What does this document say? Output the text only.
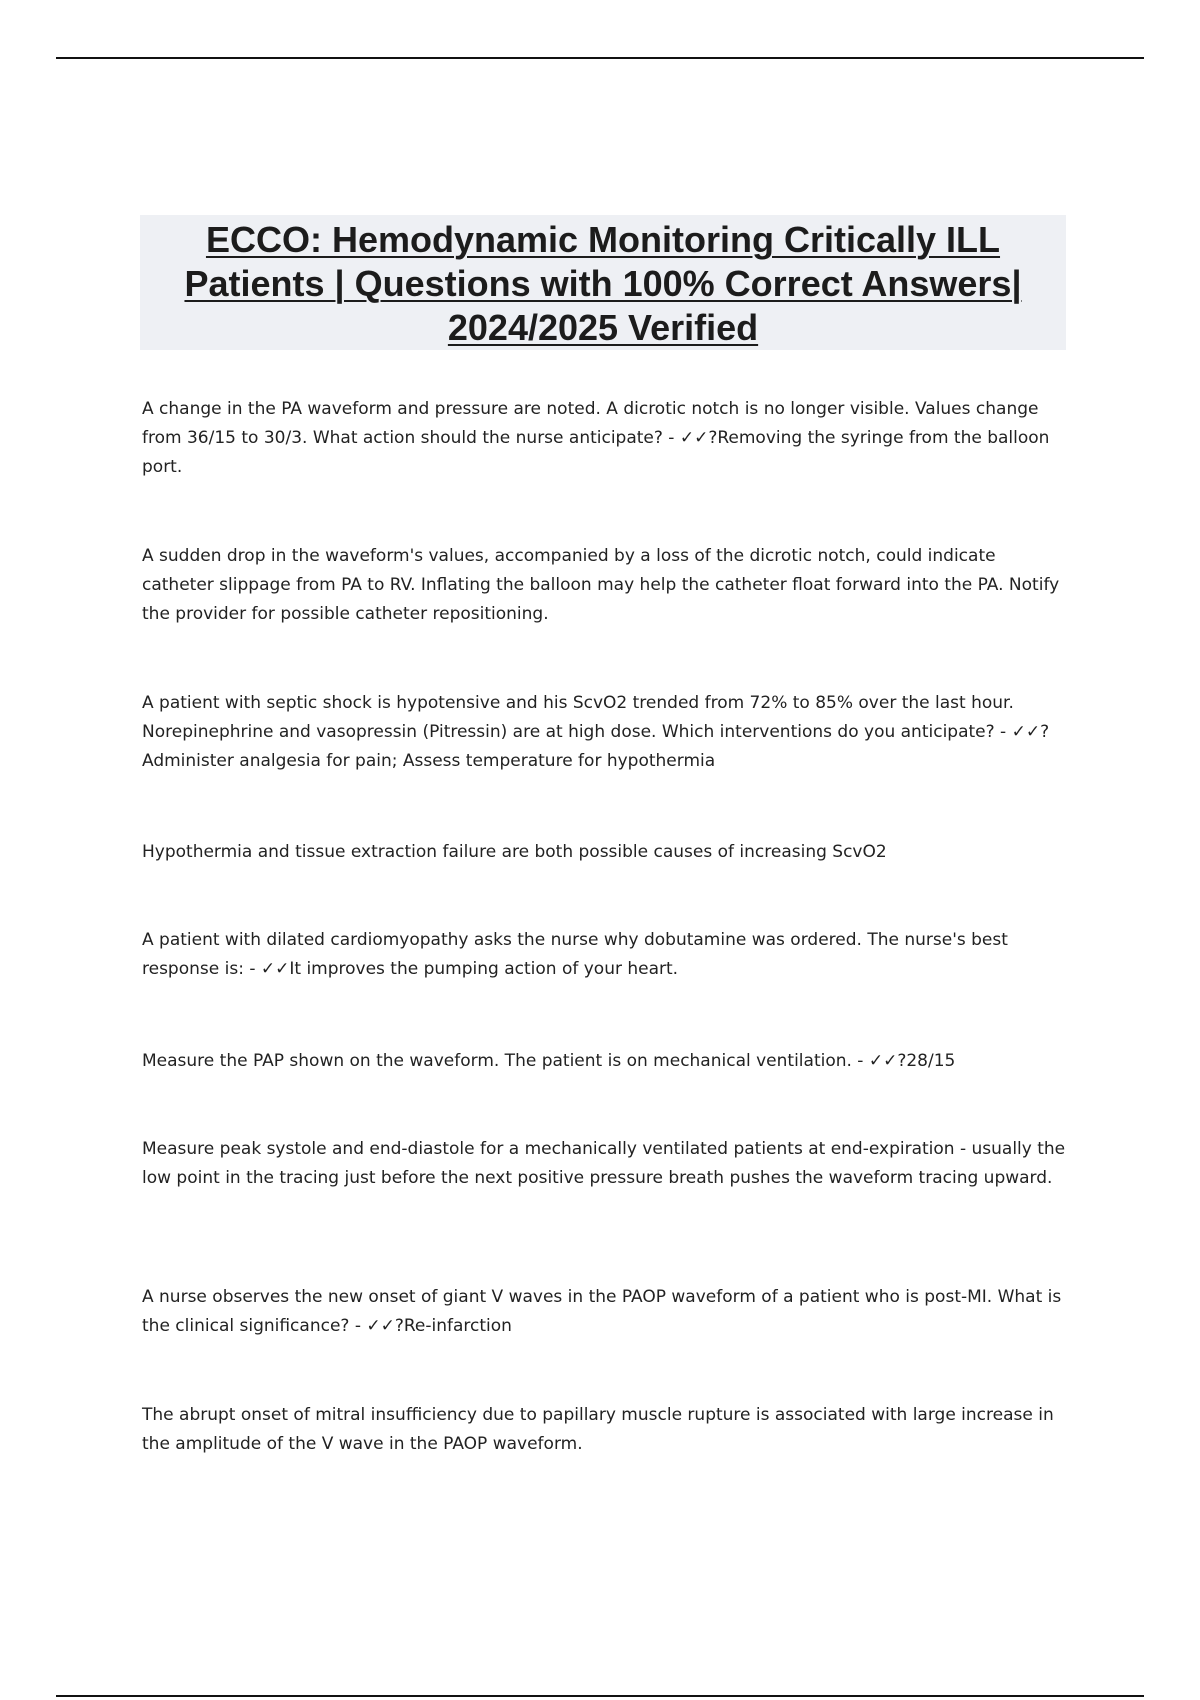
ECCO: Hemodynamic Monitoring Critically ILL
Patients | Questions with 100% Correct Answers|
2024/2025 Verified

A change in the PA waveform and pressure are noted. A dicrotic notch is no longer visible. Values change from 36/15 to 30/3. What action should the nurse anticipate? - ✓✓?Removing the syringe from the balloon port.

A sudden drop in the waveform's values, accompanied by a loss of the dicrotic notch, could indicate catheter slippage from PA to RV. Inflating the balloon may help the catheter float forward into the PA. Notify the provider for possible catheter repositioning.

A patient with septic shock is hypotensive and his ScvO2 trended from 72% to 85% over the last hour. Norepinephrine and vasopressin (Pitressin) are at high dose. Which interventions do you anticipate? - ✓✓?Administer analgesia for pain; Assess temperature for hypothermia

Hypothermia and tissue extraction failure are both possible causes of increasing ScvO2

A patient with dilated cardiomyopathy asks the nurse why dobutamine was ordered. The nurse's best response is: - ✓✓It improves the pumping action of your heart.

Measure the PAP shown on the waveform. The patient is on mechanical ventilation. - ✓✓?28/15

Measure peak systole and end-diastole for a mechanically ventilated patients at end-expiration - usually the low point in the tracing just before the next positive pressure breath pushes the waveform tracing upward.

A nurse observes the new onset of giant V waves in the PAOP waveform of a patient who is post-MI. What is the clinical significance? - ✓✓?Re-infarction

The abrupt onset of mitral insufficiency due to papillary muscle rupture is associated with large increase in the amplitude of the V wave in the PAOP waveform.
